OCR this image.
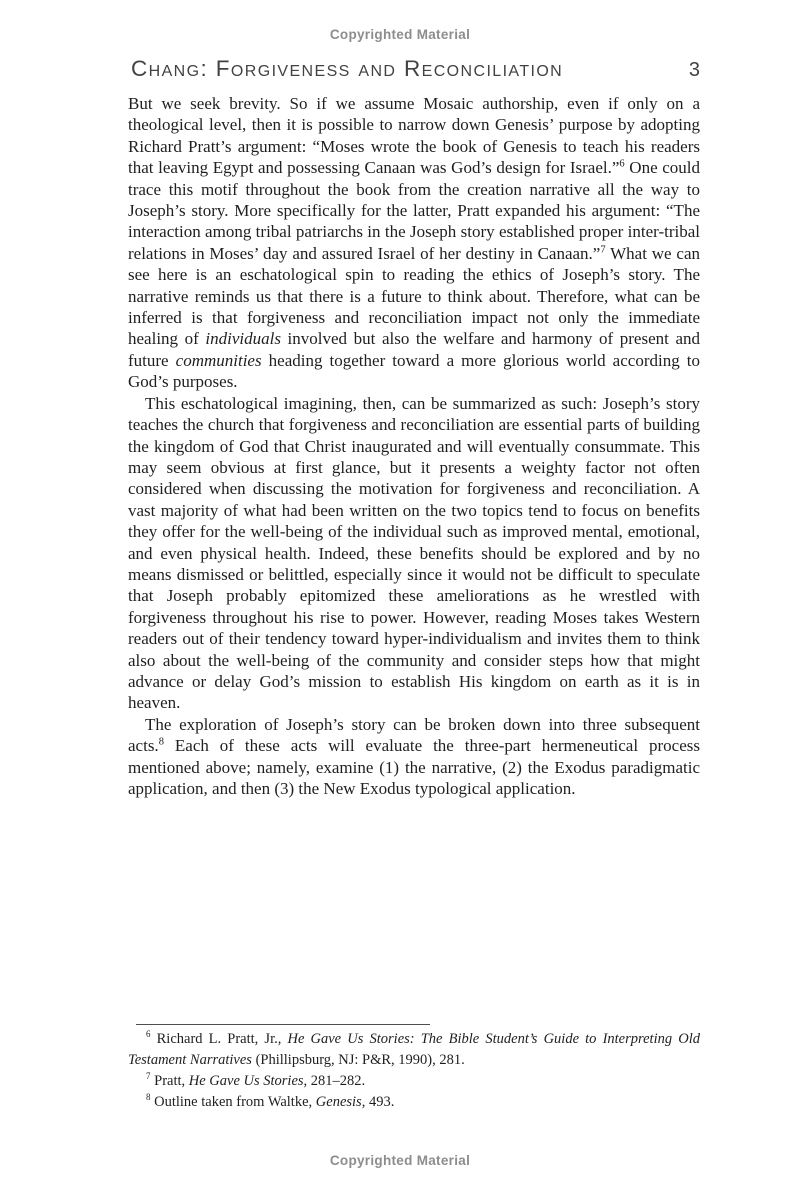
Copyrighted Material
Chang: Forgiveness and Reconciliation	3

But we seek brevity. So if we assume Mosaic authorship, even if only on a theological level, then it is possible to narrow down Genesis’ purpose by adopting Richard Pratt’s argument: “Moses wrote the book of Genesis to teach his readers that leaving Egypt and possessing Canaan was God’s design for Israel.”$^6$ One could trace this motif throughout the book from the creation narrative all the way to Joseph’s story. More specifically for the latter, Pratt expanded his argument: “The interaction among tribal patriarchs in the Joseph story established proper inter-tribal relations in Moses’ day and assured Israel of her destiny in Canaan.”$^7$ What we can see here is an eschatological spin to reading the ethics of Joseph’s story. The narrative reminds us that there is a future to think about. Therefore, what can be inferred is that forgiveness and reconciliation impact not only the immediate healing of individuals involved but also the welfare and harmony of present and future communities heading together toward a more glorious world according to God’s purposes.

This eschatological imagining, then, can be summarized as such: Joseph’s story teaches the church that forgiveness and reconciliation are essential parts of building the kingdom of God that Christ inaugurated and will eventually consummate. This may seem obvious at first glance, but it presents a weighty factor not often considered when discussing the motivation for forgiveness and reconciliation. A vast majority of what had been written on the two topics tend to focus on benefits they offer for the well-being of the individual such as improved mental, emotional, and even physical health. Indeed, these benefits should be explored and by no means dismissed or belittled, especially since it would not be difficult to speculate that Joseph probably epitomized these ameliorations as he wrestled with forgiveness throughout his rise to power. However, reading Moses takes Western readers out of their tendency toward hyper-individualism and invites them to think also about the well-being of the community and consider steps how that might advance or delay God’s mission to establish His kingdom on earth as it is in heaven.

The exploration of Joseph’s story can be broken down into three subsequent acts.$^8$ Each of these acts will evaluate the three-part hermeneutical process mentioned above; namely, examine (1) the narrative, (2) the Exodus paradigmatic application, and then (3) the New Exodus typological application.

$^6$ Richard L. Pratt, Jr., He Gave Us Stories: The Bible Student’s Guide to Interpreting Old Testament Narratives (Phillipsburg, NJ: P&R, 1990), 281.

$^7$ Pratt, He Gave Us Stories, 281–282.

$^8$ Outline taken from Waltke, Genesis, 493.

Copyrighted Material
